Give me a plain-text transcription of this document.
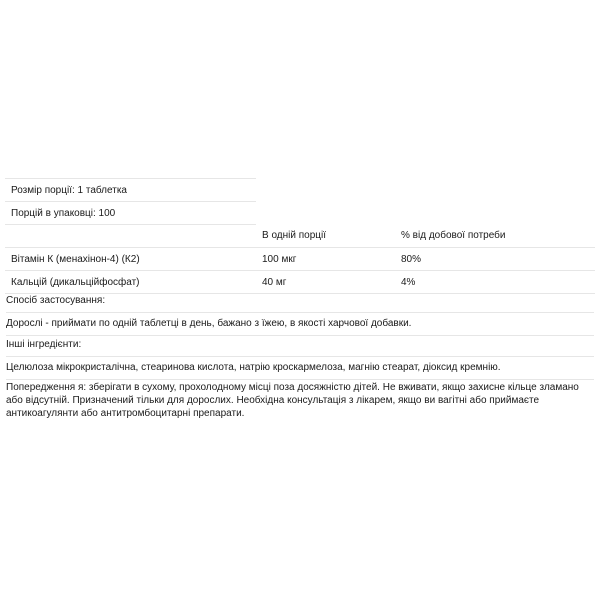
Розмір порції: 1 таблетка		
Порцій в упаковці: 100		
	В одній порції	% від добової потреби
Вітамін К (менахінон-4) (К2)	100 мкг	80%
Кальцій (дикальційфосфат)	40 мг	4%
Спосіб застосування:
Дорослі - приймати по одній таблетці в день, бажано з їжею, в якості харчової добавки.
Інші інгредієнти:
Целюлоза мікрокристалічна, стеаринова кислота, натрію кроскармелоза, магнію стеарат, діоксид кремнію.
Попередження я: зберігати в сухому, прохолодному місці поза досяжністю дітей. Не вживати, якщо захисне кільце зламано
або відсутній. Призначений тільки для дорослих. Необхідна консультація з лікарем, якщо ви вагітні або приймаєте
антикоагулянти або антитромбоцитарні препарати.
